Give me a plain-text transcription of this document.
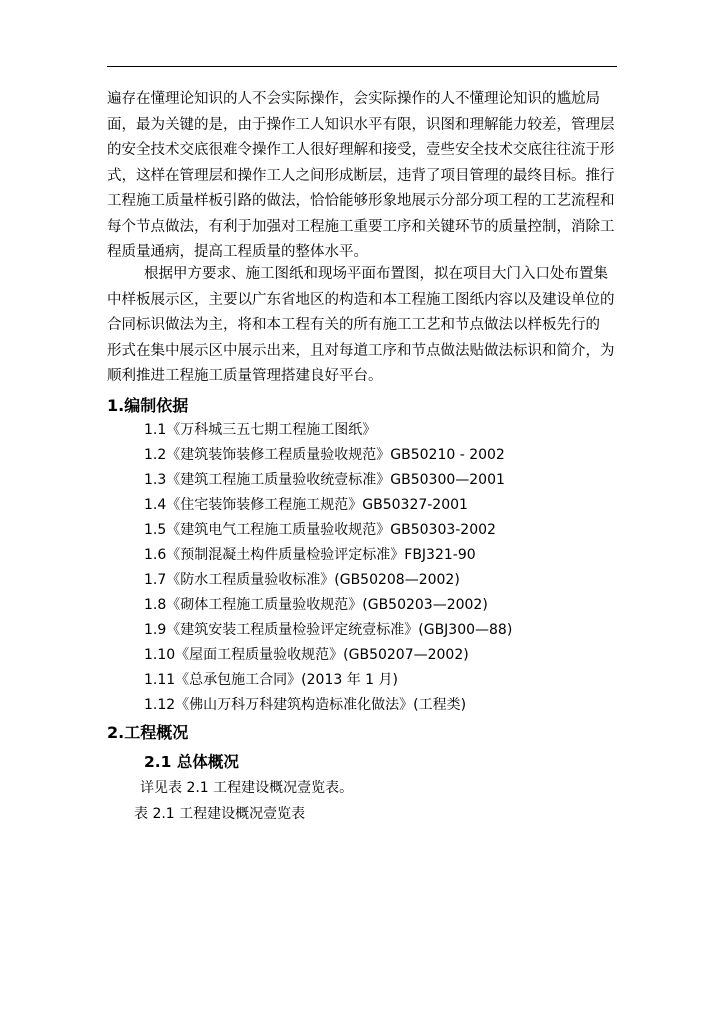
遍存在懂理论知识的人不会实际操作，会实际操作的人不懂理论知识的尴尬局
面，最为关键的是，由于操作工人知识水平有限，识图和理解能力较差，管理层
的安全技术交底很难令操作工人很好理解和接受，壹些安全技术交底往往流于形
式，这样在管理层和操作工人之间形成断层，违背了项目管理的最终目标。推行
工程施工质量样板引路的做法，恰恰能够形象地展示分部分项工程的工艺流程和
每个节点做法，有利于加强对工程施工重要工序和关键环节的质量控制，消除工
程质量通病，提高工程质量的整体水平。
根据甲方要求、施工图纸和现场平面布置图，拟在项目大门入口处布置集
中样板展示区，主要以广东省地区的构造和本工程施工图纸内容以及建设单位的
合同标识做法为主，将和本工程有关的所有施工工艺和节点做法以样板先行的
形式在集中展示区中展示出来，且对每道工序和节点做法贴做法标识和简介，为
顺利推进工程施工质量管理搭建良好平台。
1.编制依据
1.1《万科城三五七期工程施工图纸》
1.2《建筑装饰装修工程质量验收规范》GB50210 - 2002
1.3《建筑工程施工质量验收统壹标准》GB50300—2001
1.4《住宅装饰装修工程施工规范》GB50327-2001
1.5《建筑电气工程施工质量验收规范》GB50303-2002
1.6《预制混凝土构件质量检验评定标准》FBJ321-90
1.7《防水工程质量验收标准》(GB50208—2002)
1.8《砌体工程施工质量验收规范》(GB50203—2002)
1.9《建筑安装工程质量检验评定统壹标准》(GBJ300—88)
1.10《屋面工程质量验收规范》(GB50207—2002)
1.11《总承包施工合同》(2013 年 1 月)
1.12《佛山万科万科建筑构造标准化做法》(工程类)
2.工程概况
2.1 总体概况

详见表 2.1 工程建设概况壹览表。

表 2.1 工程建设概况壹览表
